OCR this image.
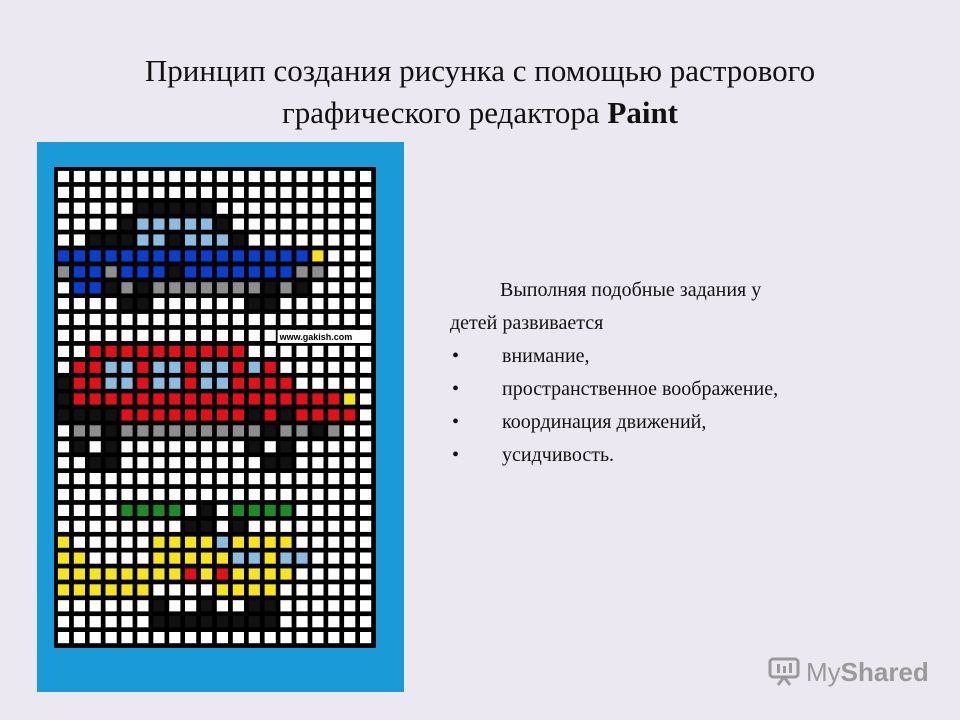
Принцип создания рисунка с помощью растрового
графического редактора Paint
www.gakish.com
Выполняя подобные задания у
детей развивается
• внимание,
• пространственное воображение,
• координация движений,
• усидчивость.
MyShared
